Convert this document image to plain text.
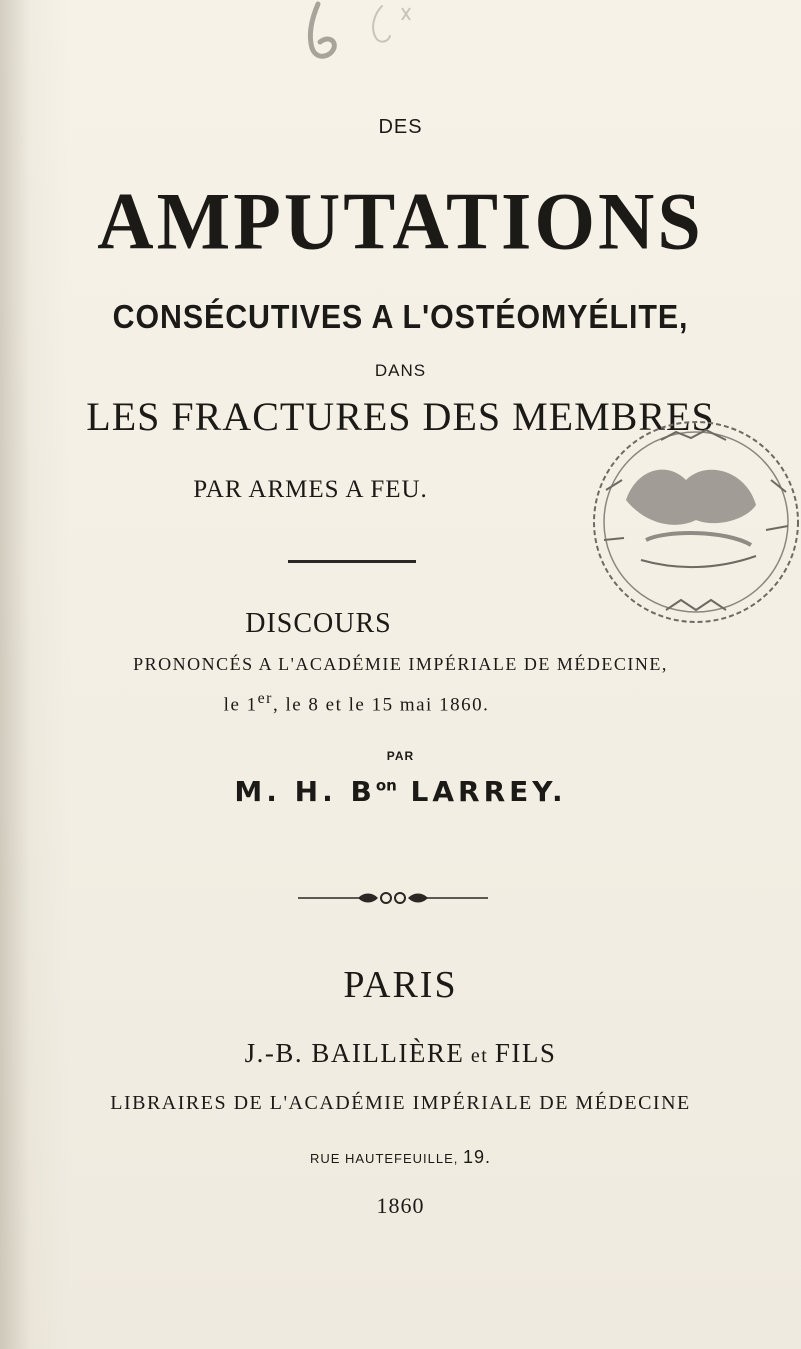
DES
AMPUTATIONS
CONSÉCUTIVES A L'OSTÉOMYÉLITE,
DANS
LES FRACTURES DES MEMBRES
PAR ARMES A FEU.
DISCOURS
PRONONCÉS A L'ACADÉMIE IMPÉRIALE DE MÉDECINE,
le 1er, le 8 et le 15 mai 1860.
PAR
M. H. $B^{on}$ LARREY.
PARIS
J.-B. BAILLIÈRE et FILS
LIBRAIRES DE L'ACADÉMIE IMPÉRIALE DE MÉDECINE
RUE HAUTEFEUILLE, 19.
1860
